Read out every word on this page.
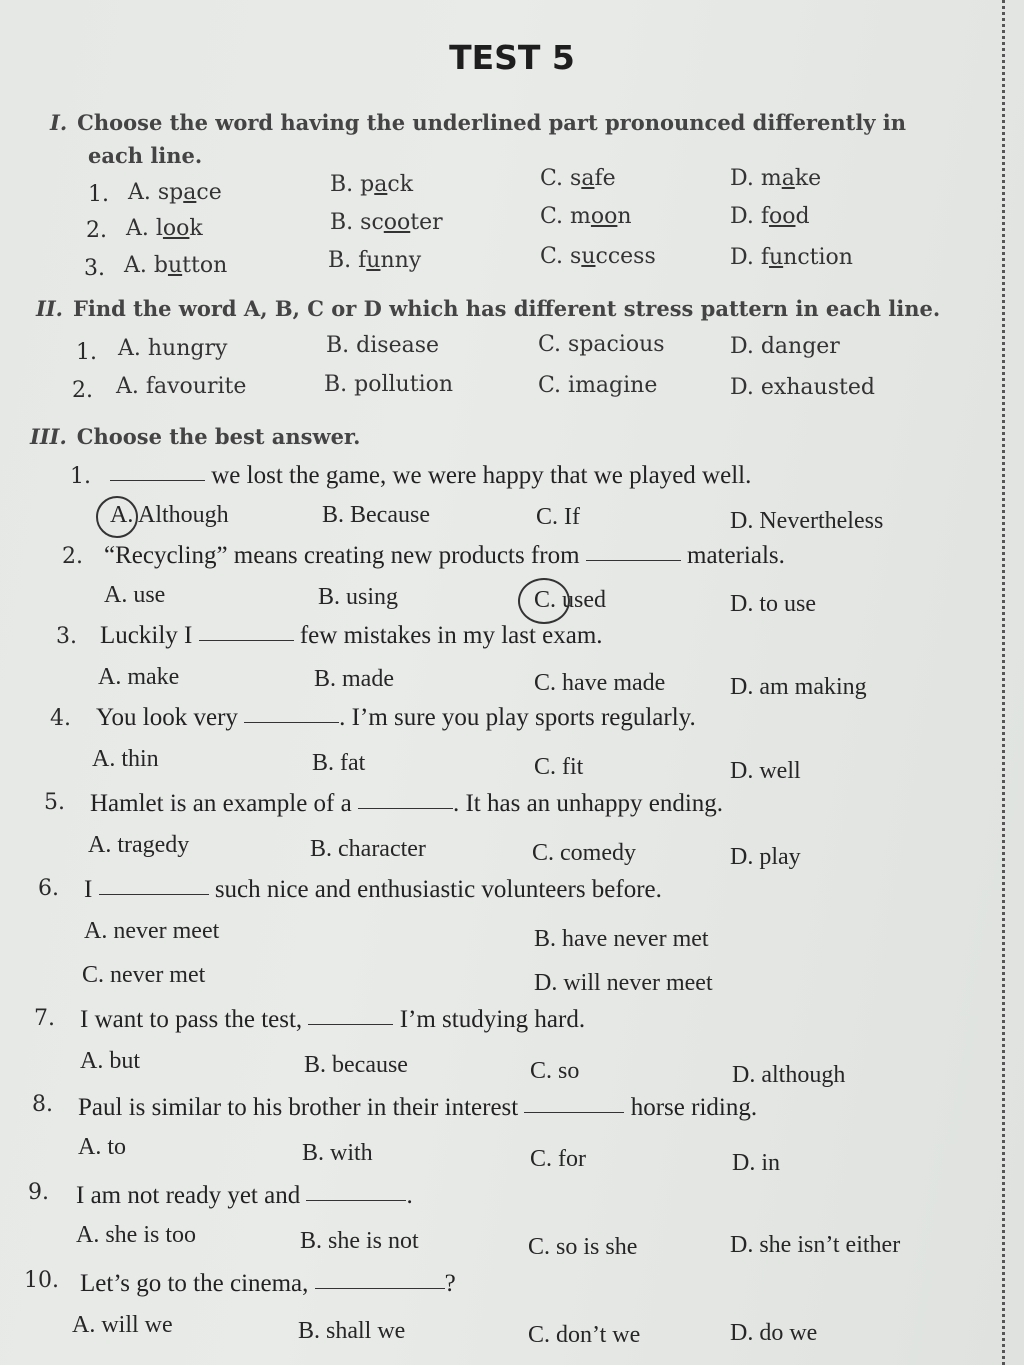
TEST 5
I. Choose the word having the underlined part pronounced differently in
each line.
1. A. space	B. pack	C. safe	D. make
2. A. look	B. scooter	C. moon	D. food
3. A. button	B. funny	C. success	D. function
II. Find the word A, B, C or D which has different stress pattern in each line.
1. A. hungry	B. disease	C. spacious	D. danger
2. A. favourite	B. pollution	C. imagine	D. exhausted
III. Choose the best answer.
1.	we lost the game, we were happy that we played well.
A. Although	B. Because	C. If	D. Nevertheless
2. “Recycling” means creating new products from	materials.
A. use	B. using	C. used	D. to use
3. Luckily I	few mistakes in my last exam.
A. make	B. made	C. have made	D. am making
4. You look very	. I’m sure you play sports regularly.
A. thin	B. fat	C. fit	D. well
5. Hamlet is an example of a	. It has an unhappy ending.
A. tragedy	B. character	C. comedy	D. play
6. I	such nice and enthusiastic volunteers before.
A. never meet	B. have never met
C. never met	D. will never meet
7. I want to pass the test,	I’m studying hard.
A. but	B. because	C. so	D. although
8. Paul is similar to his brother in their interest	horse riding.
A. to	B. with	C. for	D. in
9. I am not ready yet and	.
A. she is too	B. she is not	C. so is she	D. she isn’t either
10. Let’s go to the cinema,	?
A. will we	B. shall we	C. don’t we	D. do we
